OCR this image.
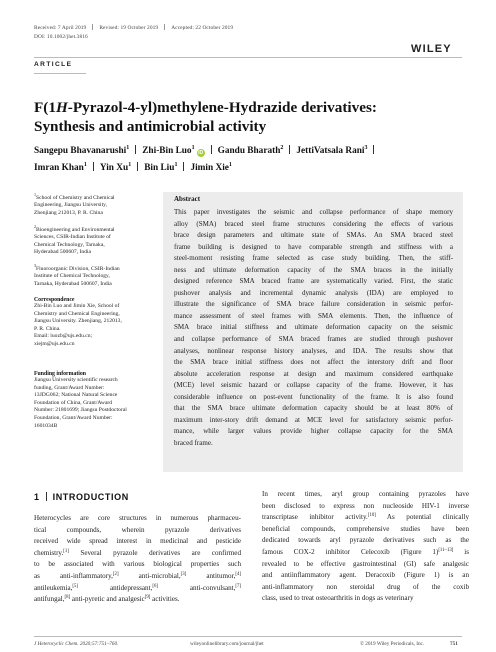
Received: 7 April 2019 Revised: 19 October 2019 Accepted: 22 October 2019
DOI: 10.1002/jhet.3816
WILEY
ARTICLE
F(1H-Pyrazol-4-yl)methylene-Hydrazide derivatives:
Synthesis and antimicrobial activity
Sangepu Bhavanarushi$^1$ Zhi-Bin Luo$^1$iD Gandu Bharath$^2$ JettiVatsala Rani$^3$
Imran Khan$^1$ Yin Xu$^1$ Bin Liu$^1$ Jimin Xie$^1$
$^1$School of Chemistry and Chemical
Engineering, Jiangsu University,
Zhenjiang 212013, P. R. China
$^2$Bioengineering and Environmental
Sciences, CSIR-Indian Institute of
Chemical Technology, Tarnaka,
Hyderabad 500607, India
$^3$Fluoroorganic Division, CSIR-Indian
Institute of Chemical Technology,
Tarnaka, Hyderabad 500607, India
Correspondence
Zhi-Bin Luo and Jimin Xie, School of
Chemistry and Chemical Engineering,
Jiangsu University. Zhenjiang, 212013,
P. R. China.
Email: luozb@ujs.edu.cn;
xiejm@ujs.edu.cn
Funding information
Jiangsu University scientific research
funding, Grant/Award Number:
13JDG062; National Natural Science
Foundation of China, Grant/Award
Number: 21801699; Jiangsu Postdoctoral
Foundation, Grant/Award Number:
1601034B
Abstract
This paper investigates the seismic and collapse performance of shape memory
alloy (SMA) braced steel frame structures considering the effects of various
brace design parameters and ultimate state of SMAs. An SMA braced steel
frame building is designed to have comparable strength and stiffness with a
steel-moment resisting frame selected as case study building. Then, the stiff-
ness and ultimate deformation capacity of the SMA braces in the initially
designed reference SMA braced frame are systematically varied. First, the static
pushover analysis and incremental dynamic analysis (IDA) are employed to
illustrate the significance of SMA brace failure consideration in seismic perfor-
mance assessment of steel frames with SMA elements. Then, the influence of
SMA brace initial stiffness and ultimate deformation capacity on the seismic
and collapse performance of SMA braced frames are studied through pushover
analyses, nonlinear response history analyses, and IDA. The results show that
the SMA brace initial stiffness does not affect the interstory drift and floor
absolute acceleration response at design and maximum considered earthquake
(MCE) level seismic hazard or collapse capacity of the frame. However, it has
considerable influence on post-event functionality of the frame. It is also found
that the SMA brace ultimate deformation capacity should be at least 80% of
maximum inter-story drift demand at MCE level for satisfactory seismic perfor-
mance, while larger values provide higher collapse capacity for the SMA
braced frame.
1 INTRODUCTION
Heterocycles are core structures in numerous pharmaceu-
tical compounds, wherein pyrazole derivatives
received wide spread interest in medicinal and pesticide
chemistry.[1] Several pyrazole derivatives are confirmed
to be associated with various biological properties such
as anti-inflammatory,[2] anti-microbial,[3] antitumor,[4]
antileukemia,[5] antidepressant,[6] anti-convulsant,[7]
antifungal,[8] anti-pyretic and analgesic[9] activities.
In recent times, aryl group containing pyrazoles have
been disclosed to express non nucleoside HIV-1 inverse
transcriptase inhibitor activity.[10] As potential clinically
beneficial compounds, comprehensive studies have been
dedicated towards aryl pyrazole derivatives such as the
famous COX-2 inhibitor Celecoxib (Figure 1)[11–13] is
revealed to be effective gastrointestinal (GI) safe analgesic
and antiinflammatory agent. Deracoxib (Figure 1) is an
anti-inflammatory non steroidal drug of the coxib
class, used to treat osteoarthritis in dogs as veterinary
J Heterocyclic Chem. 2020;57:751–760.	wileyonlinelibrary.com/journal/jhet	© 2019 Wiley Periodicals, Inc.	751
